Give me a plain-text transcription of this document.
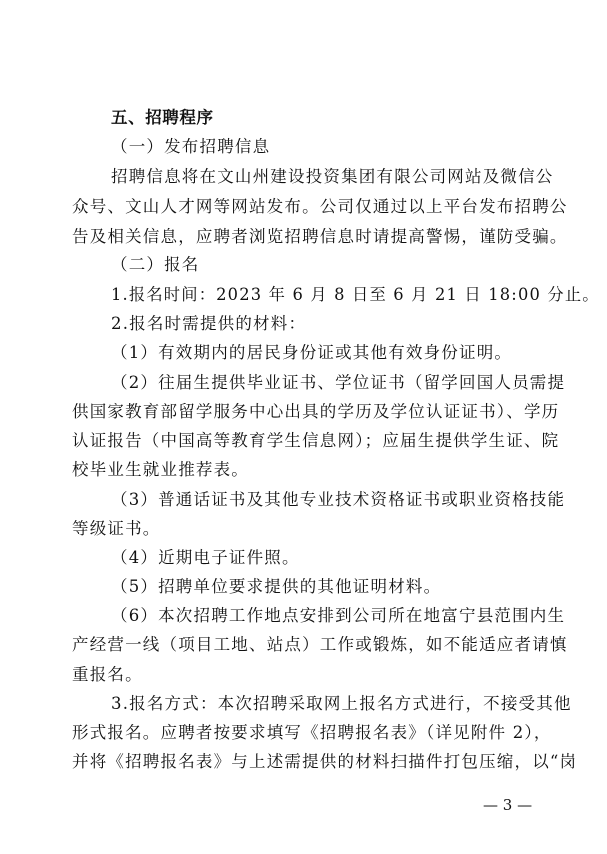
五、招聘程序
（一）发布招聘信息
招聘信息将在文山州建设投资集团有限公司网站及微信公
众号、文山人才网等网站发布。公司仅通过以上平台发布招聘公
告及相关信息，应聘者浏览招聘信息时请提高警惕，谨防受骗。
（二）报名
1.报名时间：2023 年 6 月 8 日至 6 月 21 日 18:00 分止。
2.报名时需提供的材料：
（1）有效期内的居民身份证或其他有效身份证明。
（2）往届生提供毕业证书、学位证书（留学回国人员需提
供国家教育部留学服务中心出具的学历及学位认证证书）、学历
认证报告（中国高等教育学生信息网）；应届生提供学生证、院
校毕业生就业推荐表。
（3）普通话证书及其他专业技术资格证书或职业资格技能
等级证书。
（4）近期电子证件照。
（5）招聘单位要求提供的其他证明材料。
（6）本次招聘工作地点安排到公司所在地富宁县范围内生
产经营一线（项目工地、站点）工作或锻炼，如不能适应者请慎
重报名。
3.报名方式：本次招聘采取网上报名方式进行，不接受其他
形式报名。应聘者按要求填写《招聘报名表》（详见附件 2），
并将《招聘报名表》与上述需提供的材料扫描件打包压缩，以“岗
— 3 —
